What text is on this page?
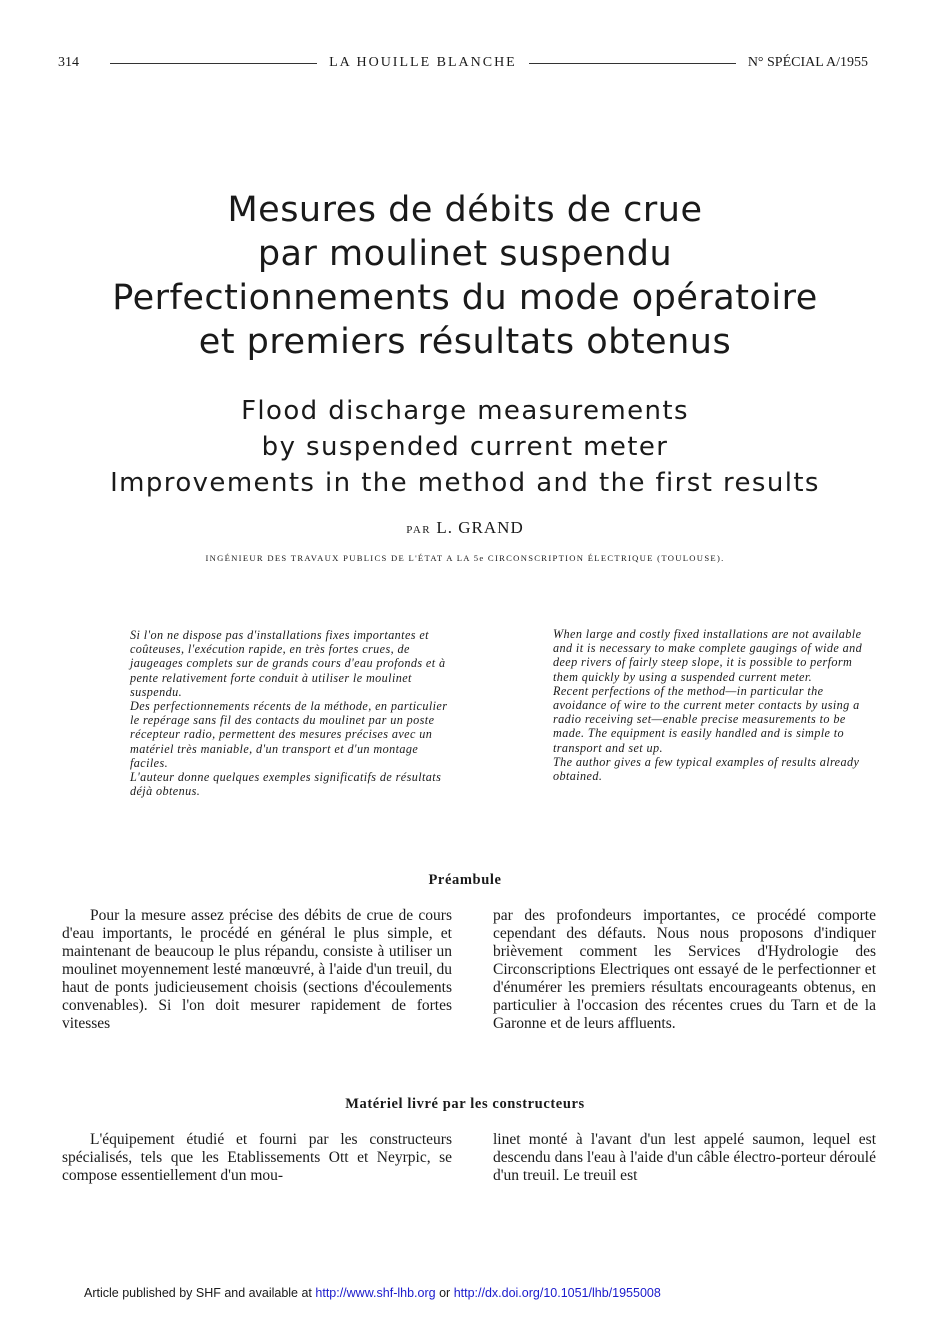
314	LA HOUILLE BLANCHE	N° SPÉCIAL A/1955
Mesures de débits de crue
par moulinet suspendu
Perfectionnements du mode opératoire
et premiers résultats obtenus
Flood discharge measurements
by suspended current meter
Improvements in the method and the first results
PAR L. GRAND
INGÉNIEUR DES TRAVAUX PUBLICS DE L'ÉTAT A LA 5e CIRCONSCRIPTION ÉLECTRIQUE (TOULOUSE).

Si l'on ne dispose pas d'installations fixes importantes et coûteuses, l'exécution rapide, en très fortes crues, de jaugeages complets sur de grands cours d'eau profonds et à pente relativement forte conduit à utiliser le moulinet suspendu.

Des perfectionnements récents de la méthode, en particulier le repérage sans fil des contacts du moulinet par un poste récepteur radio, permettent des mesures précises avec un matériel très maniable, d'un transport et d'un montage faciles.

L'auteur donne quelques exemples significatifs de résultats déjà obtenus.

When large and costly fixed installations are not available and it is necessary to make complete gaugings of wide and deep rivers of fairly steep slope, it is possible to perform them quickly by using a suspended current meter.

Recent perfections of the method—in particular the avoidance of wire to the current meter contacts by using a radio receiving set—enable precise measurements to be made. The equipment is easily handled and is simple to transport and set up.

The author gives a few typical examples of results already obtained.

Préambule

Pour la mesure assez précise des débits de crue de cours d'eau importants, le procédé en général le plus simple, et maintenant de beaucoup le plus répandu, consiste à utiliser un moulinet moyennement lesté manœuvré, à l'aide d'un treuil, du haut de ponts judicieusement choisis (sections d'écoulements convenables). Si l'on doit mesurer rapidement de fortes vitesses

par des profondeurs importantes, ce procédé comporte cependant des défauts. Nous nous proposons d'indiquer brièvement comment les Services d'Hydrologie des Circonscriptions Electriques ont essayé de le perfectionner et d'énumérer les premiers résultats encourageants obtenus, en particulier à l'occasion des récentes crues du Tarn et de la Garonne et de leurs affluents.

Matériel livré par les constructeurs

L'équipement étudié et fourni par les constructeurs spécialisés, tels que les Etablissements Ott et Neyrpic, se compose essentiellement d'un mou-

linet monté à l'avant d'un lest appelé saumon, lequel est descendu dans l'eau à l'aide d'un câble électro-porteur déroulé d'un treuil. Le treuil est

Article published by SHF and available at http://www.shf-lhb.org or http://dx.doi.org/10.1051/lhb/1955008
